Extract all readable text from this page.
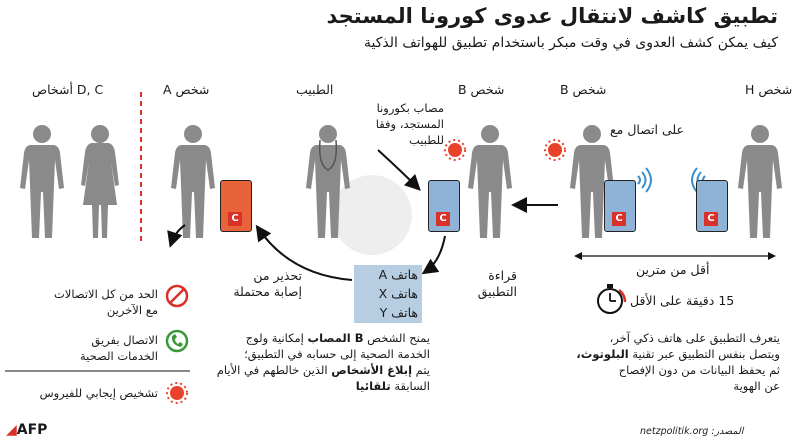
تطبيق كاشف لانتقال عدوى كورونا المستجد
كيف يمكن كشف العدوى في وقت مبكر باستخدام تطبيق للهواتف الذكية
C
C
C
C
شخص H
شخص B
شخص B
الطبيب
شخص A
D, C أشخاص
على اتصال مع
مصاب بكورونا
المستجد، وفقا
للطبيب
قراءة
التطبيق
تحذير من
إصابة محتملة
أقل من مترين
15 دقيقة على الأقل
هاتف A
هاتف X
هاتف Y
الحد من كل الاتصالات
مع الآخرين
الاتصال بفريق
الخدمات الصحية
تشخيص إيجابي للفيروس
يمنح الشخص B المصاب إمكانية ولوج
الخدمة الصحية إلى حسابه في التطبيق؛
يتم إبلاغ الأشخاص الذين خالطهم في الأيام
السابقة تلقائيا
يتعرف التطبيق على هاتف ذكي آخر،
ويتصل بنفس التطبيق عبر تقنية البلوتوث،
ثم يحفظ البيانات من دون الإفصاح
عن الهوية
◢AFP	المصدر: netzpolitik.org
